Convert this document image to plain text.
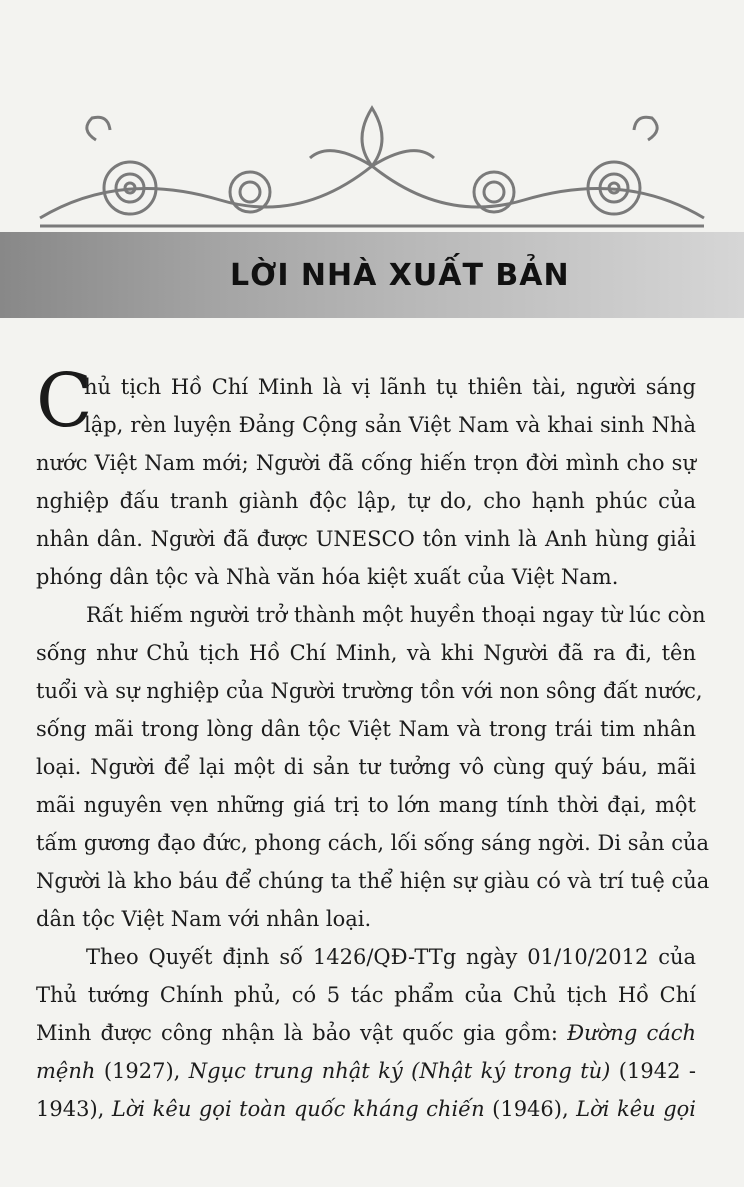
LỜI NHÀ XUẤT BẢN
C
hủ tịch Hồ Chí Minh là vị lãnh tụ thiên tài, người sáng
lập, rèn luyện Đảng Cộng sản Việt Nam và khai sinh Nhà
nước Việt Nam mới; Người đã cống hiến trọn đời mình cho sự
nghiệp đấu tranh giành độc lập, tự do, cho hạnh phúc của
nhân dân. Người đã được UNESCO tôn vinh là Anh hùng giải
phóng dân tộc và Nhà văn hóa kiệt xuất của Việt Nam.
Rất hiếm người trở thành một huyền thoại ngay từ lúc còn
sống như Chủ tịch Hồ Chí Minh, và khi Người đã ra đi, tên
tuổi và sự nghiệp của Người trường tồn với non sông đất nước,
sống mãi trong lòng dân tộc Việt Nam và trong trái tim nhân
loại. Người để lại một di sản tư tưởng vô cùng quý báu, mãi
mãi nguyên vẹn những giá trị to lớn mang tính thời đại, một
tấm gương đạo đức, phong cách, lối sống sáng ngời. Di sản của
Người là kho báu để chúng ta thể hiện sự giàu có và trí tuệ của
dân tộc Việt Nam với nhân loại.
Theo Quyết định số 1426/QĐ-TTg ngày 01/10/2012 của
Thủ tướng Chính phủ, có 5 tác phẩm của Chủ tịch Hồ Chí
Minh được công nhận là bảo vật quốc gia gồm: Đường cách
mệnh (1927), Ngục trung nhật ký (Nhật ký trong tù) (1942 -
1943), Lời kêu gọi toàn quốc kháng chiến (1946), Lời kêu gọi
